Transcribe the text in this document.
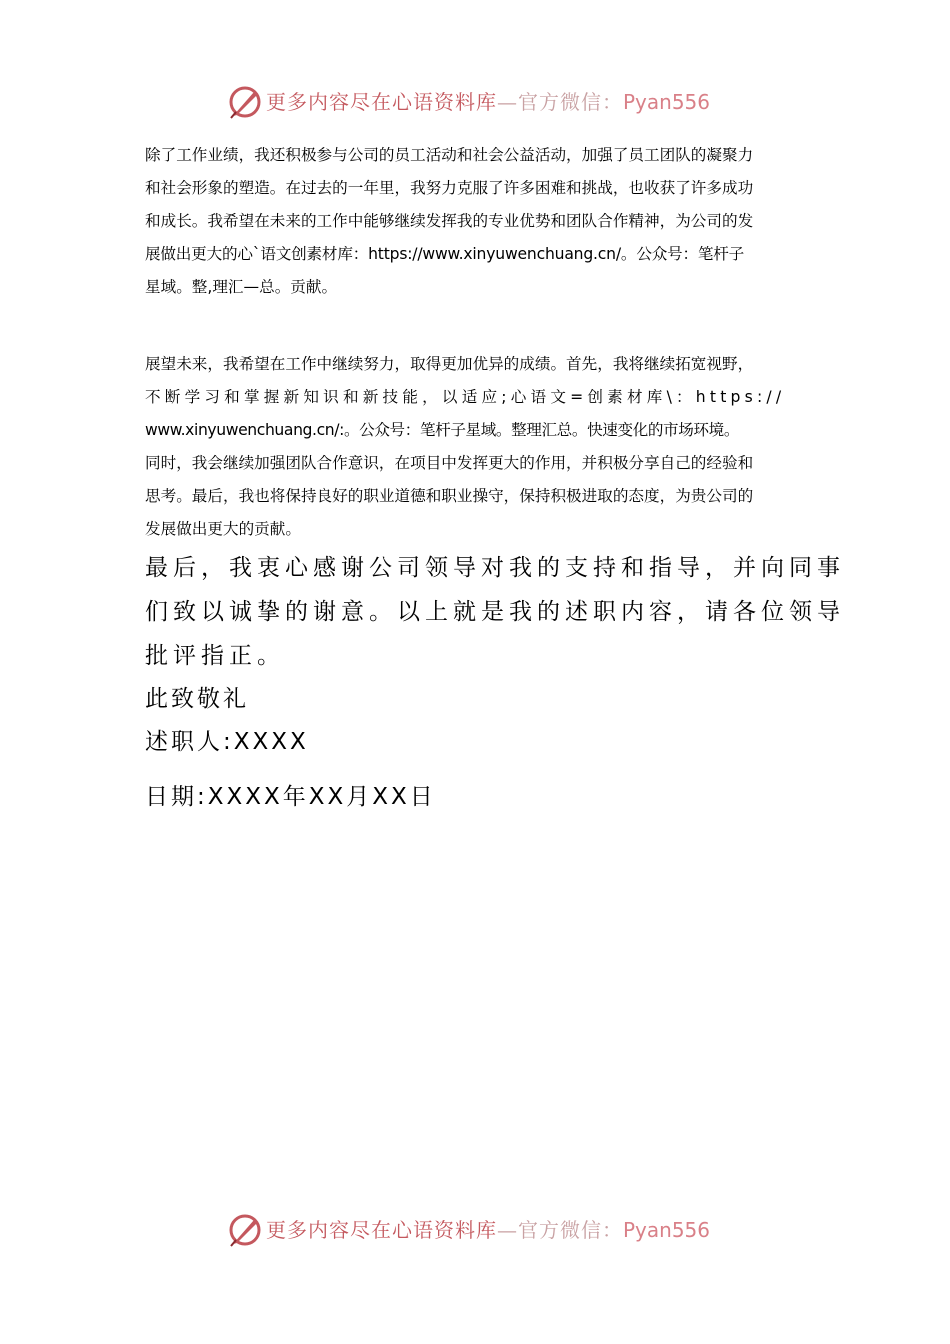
更多内容尽在心语资料库—官方微信：Pyan556
除了工作业绩，我还积极参与公司的员工活动和社会公益活动，加强了员工团队的凝聚力
和社会形象的塑造。在过去的一年里，我努力克服了许多困难和挑战，也收获了许多成功
和成长。我希望在未来的工作中能够继续发挥我的专业优势和团队合作精神，为公司的发
展做出更大的心`语文创素材库：https://www.xinyuwenchuang.cn/。公众号：笔杆子
星域。整,理汇—总。贡献。
展望未来，我希望在工作中继续努力，取得更加优异的成绩。首先，我将继续拓宽视野，
不断学习和掌握新知识和新技能，以适应;心语文=创素材库\：https://
www.xinyuwenchuang.cn/:。公众号：笔杆子星域。整理汇总。快速变化的市场环境。
同时，我会继续加强团队合作意识，在项目中发挥更大的作用，并积极分享自己的经验和
思考。最后，我也将保持良好的职业道德和职业操守，保持积极进取的态度，为贵公司的
发展做出更大的贡献。
最后，我衷心感谢公司领导对我的支持和指导，并向同事
们致以诚挚的谢意。以上就是我的述职内容，请各位领导
批评指正。
此致敬礼
述职人:XXXX
日期:XXXX年XX月XX日
更多内容尽在心语资料库—官方微信：Pyan556
